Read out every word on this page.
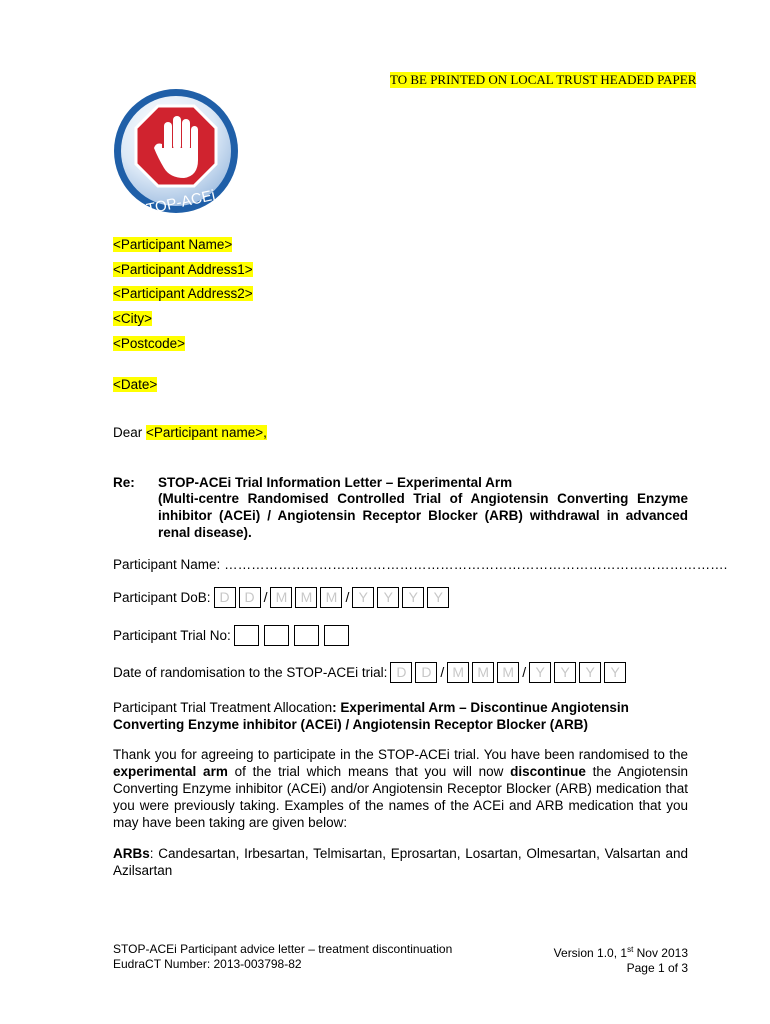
TO BE PRINTED ON LOCAL TRUST HEADED PAPER
STOP-ACEi
<Participant Name>
<Participant Address1>
<Participant Address2>
<City>
<Postcode>
<Date>
Dear <Participant name>,
Re: STOP-ACEi Trial Information Letter – Experimental Arm
(Multi-centre Randomised Controlled Trial of Angiotensin Converting Enzyme inhibitor (ACEi) / Angiotensin Receptor Blocker (ARB) withdrawal in advanced renal disease).
Participant Name: ………………………………………………………………………………………………….
Participant DoB : D	D / M M M / Y	Y	Y	Y
Participant Trial No :
Date of randomisation to the STOP-ACEi trial: D	D / M M M / Y	Y	Y	Y
Participant Trial Treatment Allocation: Experimental Arm – Discontinue Angiotensin Converting Enzyme inhibitor (ACEi) / Angiotensin Receptor Blocker (ARB)
Thank you for agreeing to participate in the STOP-ACEi trial. You have been randomised to the experimental arm of the trial which means that you will now discontinue the Angiotensin Converting Enzyme inhibitor (ACEi) and/or Angiotensin Receptor Blocker (ARB) medication that you were previously taking. Examples of the names of the ACEi and ARB medication that you may have been taking are given below:
ARBs: Candesartan, Irbesartan, Telmisartan, Eprosartan, Losartan, Olmesartan, Valsartan and Azilsartan
STOP-ACEi Participant advice letter – treatment discontinuation
EudraCT Number: 2013-003798-82
Version 1.0, 1st Nov 2013
Page 1 of 3
